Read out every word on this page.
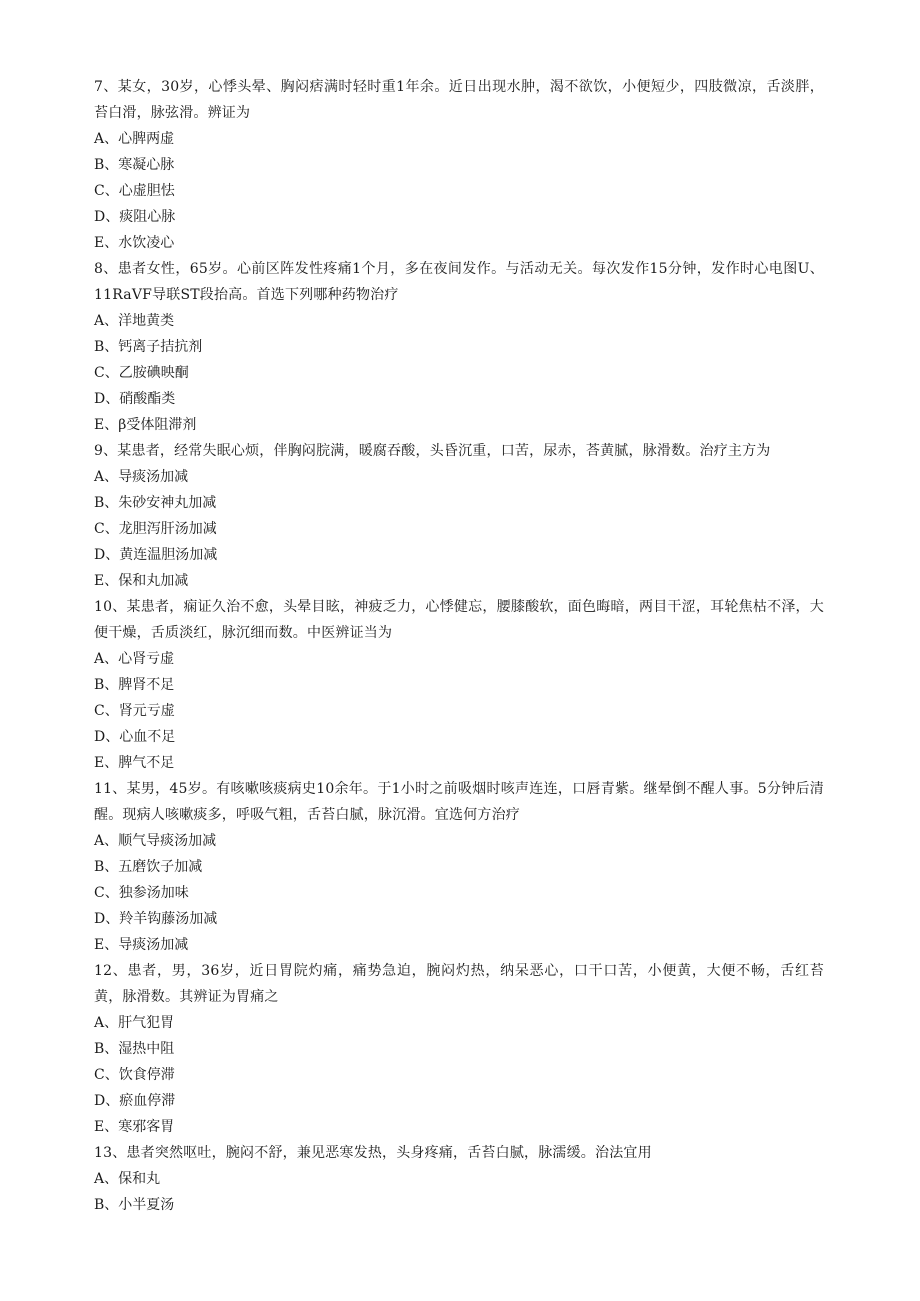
7、某女，30岁，心悸头晕、胸闷痞满时轻时重1年余。近日出现水肿，渴不欲饮，小便短少，四肢微凉，舌淡胖，苔白滑，脉弦滑。辨证为

A、心脾两虚

B、寒凝心脉

C、心虚胆怯

D、痰阻心脉

E、水饮凌心

8、患者女性，65岁。心前区阵发性疼痛1个月，多在夜间发作。与活动无关。每次发作15分钟，发作时心电图U、11RaVF导联ST段抬高。首选下列哪种药物治疗

A、洋地黄类

B、钙离子拮抗剂

C、乙胺碘映酮

D、硝酸酯类

E、β受体阻滞剂

9、某患者，经常失眠心烦，伴胸闷脘满，暖腐吞酸，头昏沉重，口苦，尿赤，荅黄腻，脉滑数。治疗主方为

A、导痰汤加减

B、朱砂安神丸加减

C、龙胆泻肝汤加减

D、黄连温胆汤加减

E、保和丸加减

10、某患者，痫证久治不愈，头晕目眩，神疲乏力，心悸健忘，腰膝酸软，面色晦暗，两目干涩，耳轮焦枯不泽，大便干燥，舌质淡红，脉沉细而数。中医辨证当为

A、心肾亏虚

B、脾肾不足

C、肾元亏虚

D、心血不足

E、脾气不足

11、某男，45岁。有咳嗽咳痰病史10余年。于1小时之前吸烟时咳声连连，口唇青紫。继晕倒不醒人事。5分钟后清醒。现病人咳嗽痰多，呼吸气粗，舌苔白腻，脉沉滑。宜选何方治疗

A、顺气导痰汤加减

B、五磨饮子加减

C、独参汤加味

D、羚羊钩藤汤加减

E、导痰汤加减

12、患者，男，36岁，近日胃院灼痛，痛势急迫，腕闷灼热，纳呆恶心，口干口苦，小便黄，大便不畅，舌红苔黄，脉滑数。其辨证为胃痛之

A、肝气犯胃

B、湿热中阻

C、饮食停滞

D、瘀血停滞

E、寒邪客胃

13、患者突然呕吐，腕闷不舒，兼见恶寒发热，头身疼痛，舌苔白腻，脉濡缓。治法宜用

A、保和丸

B、小半夏汤
